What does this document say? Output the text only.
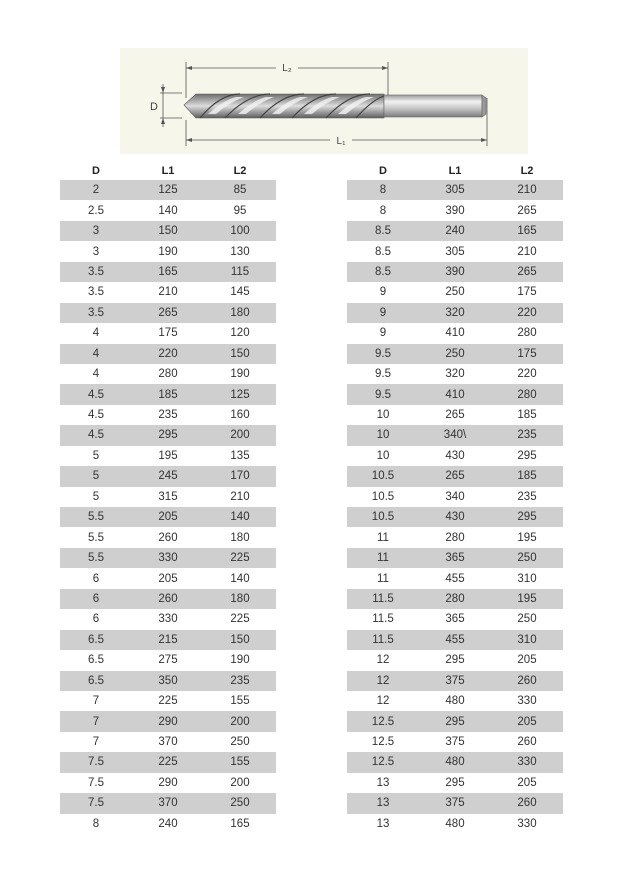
L₂
D
L₁
D	L1	L2
2	125	85
2.5	140	95
3	150	100
3	190	130
3.5	165	115
3.5	210	145
3.5	265	180
4	175	120
4	220	150
4	280	190
4.5	185	125
4.5	235	160
4.5	295	200
5	195	135
5	245	170
5	315	210
5.5	205	140
5.5	260	180
5.5	330	225
6	205	140
6	260	180
6	330	225
6.5	215	150
6.5	275	190
6.5	350	235
7	225	155
7	290	200
7	370	250
7.5	225	155
7.5	290	200
7.5	370	250
8	240	165
D	L1	L2
8	305	210
8	390	265
8.5	240	165
8.5	305	210
8.5	390	265
9	250	175
9	320	220
9	410	280
9.5	250	175
9.5	320	220
9.5	410	280
10	265	185
10	340\	235
10	430	295
10.5	265	185
10.5	340	235
10.5	430	295
11	280	195
11	365	250
11	455	310
11.5	280	195
11.5	365	250
11.5	455	310
12	295	205
12	375	260
12	480	330
12.5	295	205
12.5	375	260
12.5	480	330
13	295	205
13	375	260
13	480	330
